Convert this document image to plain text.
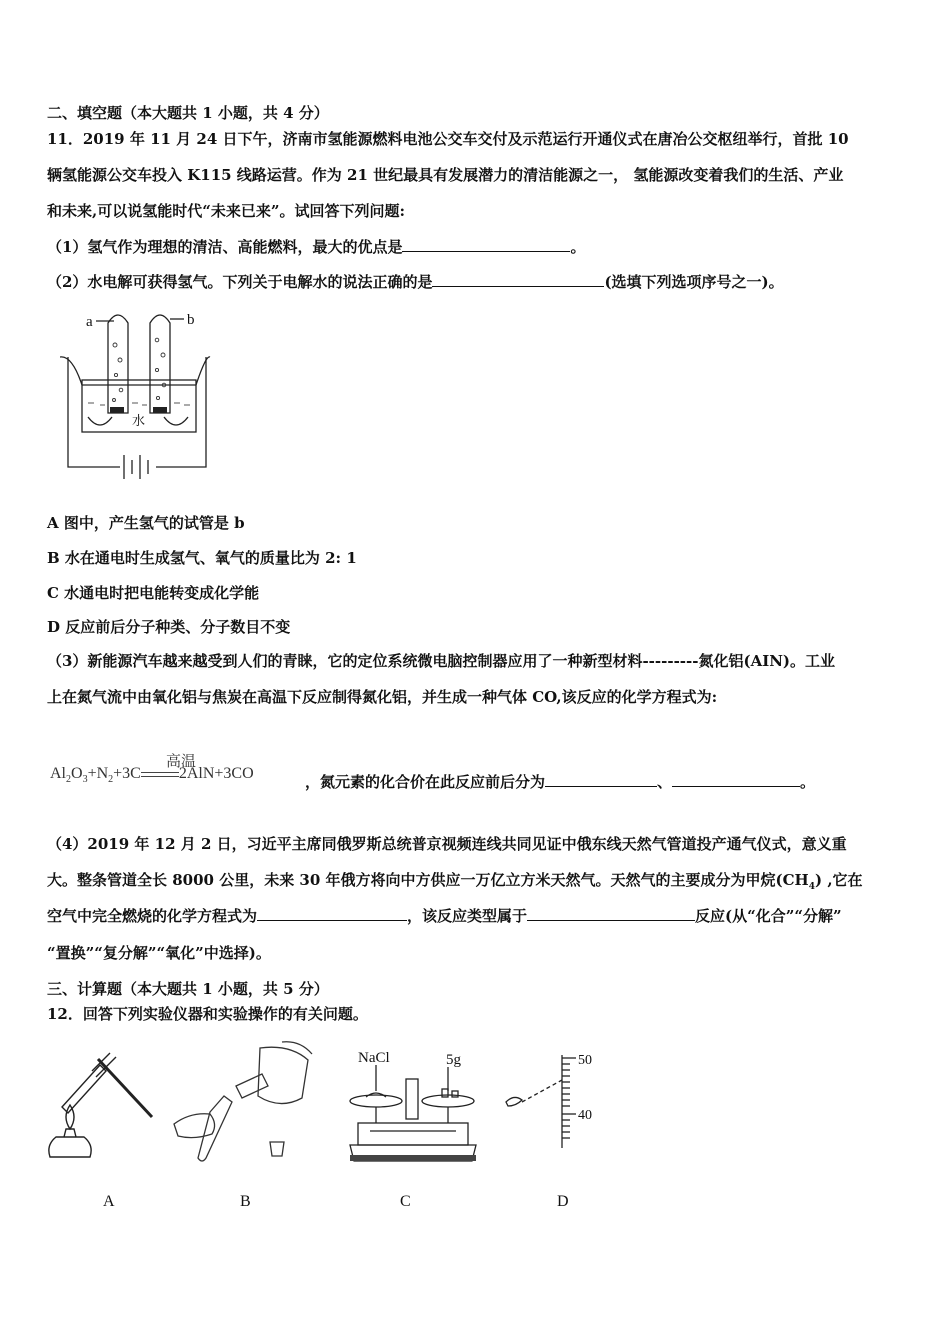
二、填空题（本大题共 1 小题，共 4 分）
11．2019 年 11 月 24 日下午，济南市氢能源燃料电池公交车交付及示范运行开通仪式在唐冶公交枢纽举行，首批 10
辆氢能源公交车投入 K115 线路运营。作为 21 世纪最具有发展潜力的清洁能源之一， 氢能源改变着我们的生活、产业
和未来,可以说氢能时代“未来已来”。试回答下列问题:
（1）氢气作为理想的清洁、高能燃料，最大的优点是	。
（2）水电解可获得氢气。下列关于电解水的说法正确的是	(选填下列选项序号之一)。
a	b
水
A 图中，产生氢气的试管是 b
B 水在通电时生成氢气、氧气的质量比为 2: 1
C 水通电时把电能转变成化学能
D 反应前后分子种类、分子数目不变
（3）新能源汽车越来越受到人们的青睐，它的定位系统微电脑控制器应用了一种新型材料---------氮化铝(AIN)。工业
上在氮气流中由氧化铝与焦炭在高温下反应制得氮化铝，并生成一种气体 CO,该反应的化学方程式为:
$Al_2O_3+N_2+3C$ 2AlN+3CO
高温
，氮元素的化合价在此反应前后分为	、	。
（4）2019 年 12 月 2 日，习近平主席同俄罗斯总统普京视频连线共同见证中俄东线天然气管道投产通气仪式，意义重
大。整条管道全长 8000 公里，未来 30 年俄方将向中方供应一万亿立方米天然气。天然气的主要成分为甲烷$(CH_4)$ ,它在
空气中完全燃烧的化学方程式为	，该反应类型属于	反应(从“化合”“分解”
“置换”“复分解”“氧化”中选择)。
三、计算题（本大题共 1 小题，共 5 分）
12．回答下列实验仪器和实验操作的有关问题。
A	B
NaCl	5g
C
50
40
D
